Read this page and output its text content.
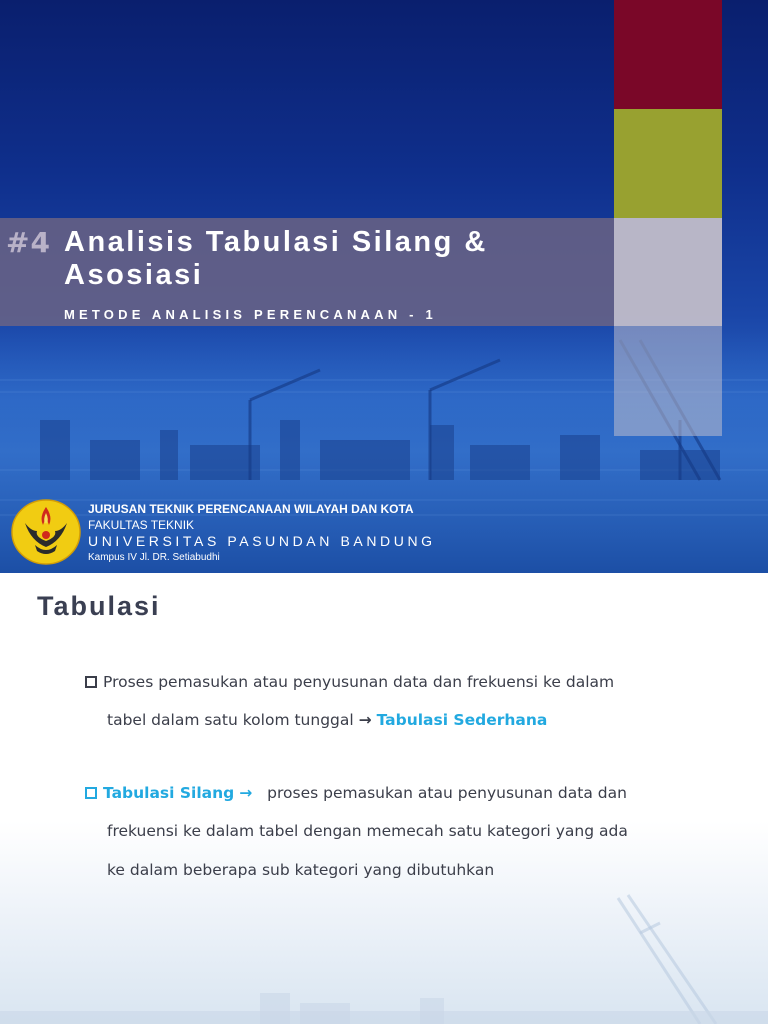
#4 Analisis Tabulasi Silang & Asosiasi
METODE ANALISIS PERENCANAAN - 1
JURUSAN TEKNIK PERENCANAAN WILAYAH DAN KOTA
FAKULTAS TEKNIK
UNIVERSITAS PASUNDAN BANDUNG
Kampus IV Jl. DR. Setiabudhi
Tabulasi
Proses pemasukan atau penyusunan data dan frekuensi ke dalam
tabel dalam satu kolom tunggal → Tabulasi Sederhana
Tabulasi Silang → proses pemasukan atau penyusunan data dan
frekuensi ke dalam tabel dengan memecah satu kategori yang ada
ke dalam beberapa sub kategori yang dibutuhkan
